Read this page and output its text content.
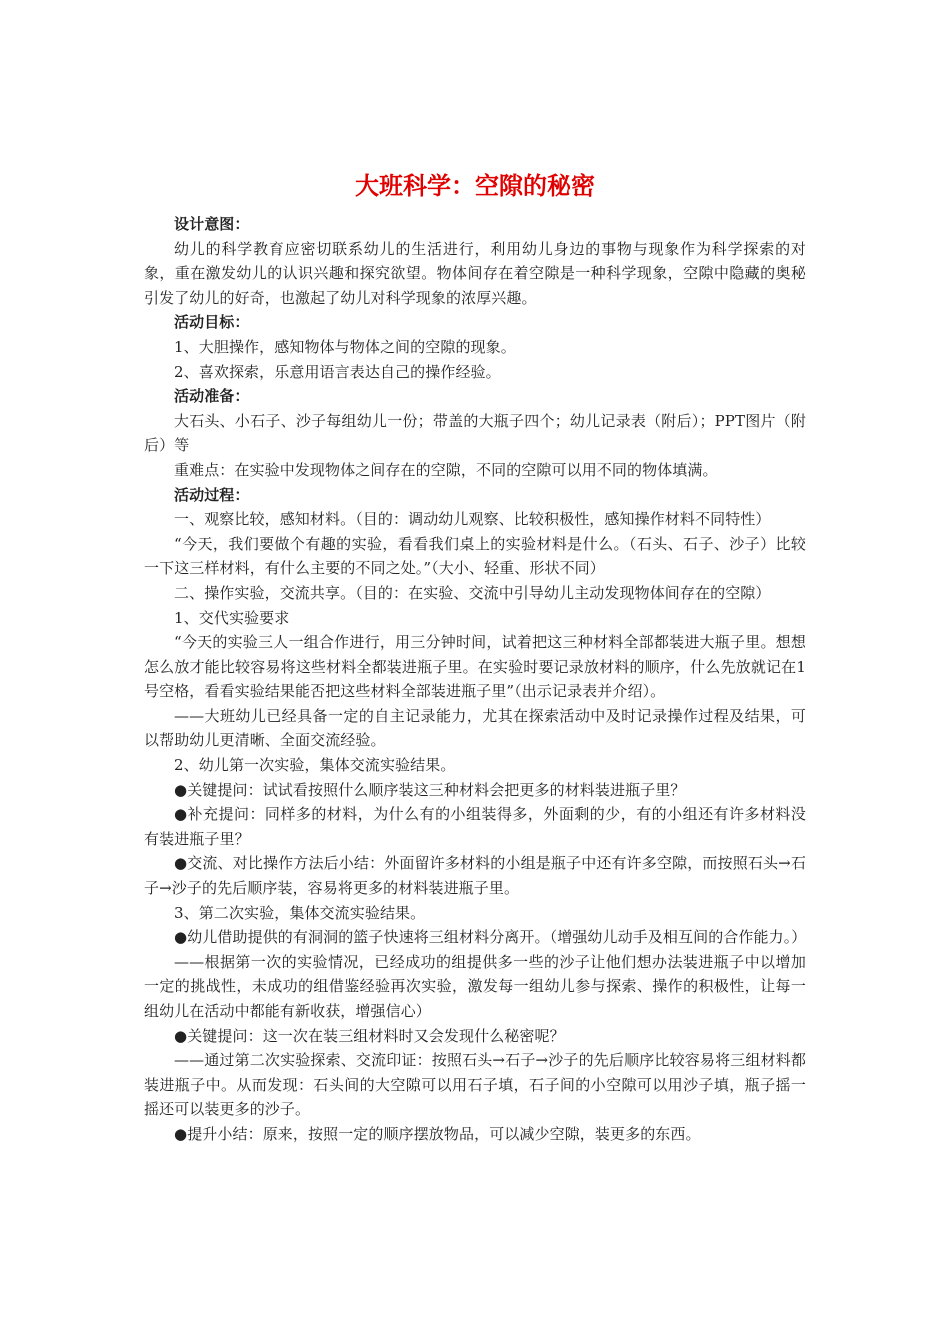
大班科学：空隙的秘密

设计意图：

幼儿的科学教育应密切联系幼儿的生活进行，利用幼儿身边的事物与现象作为科学探索的对象，重在激发幼儿的认识兴趣和探究欲望。物体间存在着空隙是一种科学现象，空隙中隐藏的奥秘引发了幼儿的好奇，也激起了幼儿对科学现象的浓厚兴趣。

活动目标：

1、大胆操作，感知物体与物体之间的空隙的现象。

2、喜欢探索，乐意用语言表达自己的操作经验。

活动准备：

大石头、小石子、沙子每组幼儿一份；带盖的大瓶子四个；幼儿记录表（附后）；PPT图片（附后）等

重难点：在实验中发现物体之间存在的空隙，不同的空隙可以用不同的物体填满。

活动过程：

一、观察比较，感知材料。（目的：调动幼儿观察、比较积极性，感知操作材料不同特性）

“今天，我们要做个有趣的实验，看看我们桌上的实验材料是什么。（石头、石子、沙子）比较一下这三样材料，有什么主要的不同之处。”（大小、轻重、形状不同）

二、操作实验，交流共享。（目的：在实验、交流中引导幼儿主动发现物体间存在的空隙）

1、交代实验要求

“今天的实验三人一组合作进行，用三分钟时间，试着把这三种材料全部都装进大瓶子里。想想怎么放才能比较容易将这些材料全都装进瓶子里。在实验时要记录放材料的顺序，什么先放就记在1号空格，看看实验结果能否把这些材料全部装进瓶子里”（出示记录表并介绍）。

——大班幼儿已经具备一定的自主记录能力，尤其在探索活动中及时记录操作过程及结果，可以帮助幼儿更清晰、全面交流经验。

2、幼儿第一次实验，集体交流实验结果。

●关键提问：试试看按照什么顺序装这三种材料会把更多的材料装进瓶子里？

●补充提问：同样多的材料，为什么有的小组装得多，外面剩的少，有的小组还有许多材料没有装进瓶子里？

●交流、对比操作方法后小结：外面留许多材料的小组是瓶子中还有许多空隙，而按照石头→石子→沙子的先后顺序装，容易将更多的材料装进瓶子里。

3、第二次实验，集体交流实验结果。

●幼儿借助提供的有洞洞的篮子快速将三组材料分离开。（增强幼儿动手及相互间的合作能力。）

——根据第一次的实验情况，已经成功的组提供多一些的沙子让他们想办法装进瓶子中以增加一定的挑战性，未成功的组借鉴经验再次实验，激发每一组幼儿参与探索、操作的积极性，让每一组幼儿在活动中都能有新收获，增强信心）

●关键提问：这一次在装三组材料时又会发现什么秘密呢？

——通过第二次实验探索、交流印证：按照石头→石子→沙子的先后顺序比较容易将三组材料都装进瓶子中。从而发现：石头间的大空隙可以用石子填，石子间的小空隙可以用沙子填，瓶子摇一摇还可以装更多的沙子。

●提升小结：原来，按照一定的顺序摆放物品，可以减少空隙，装更多的东西。
